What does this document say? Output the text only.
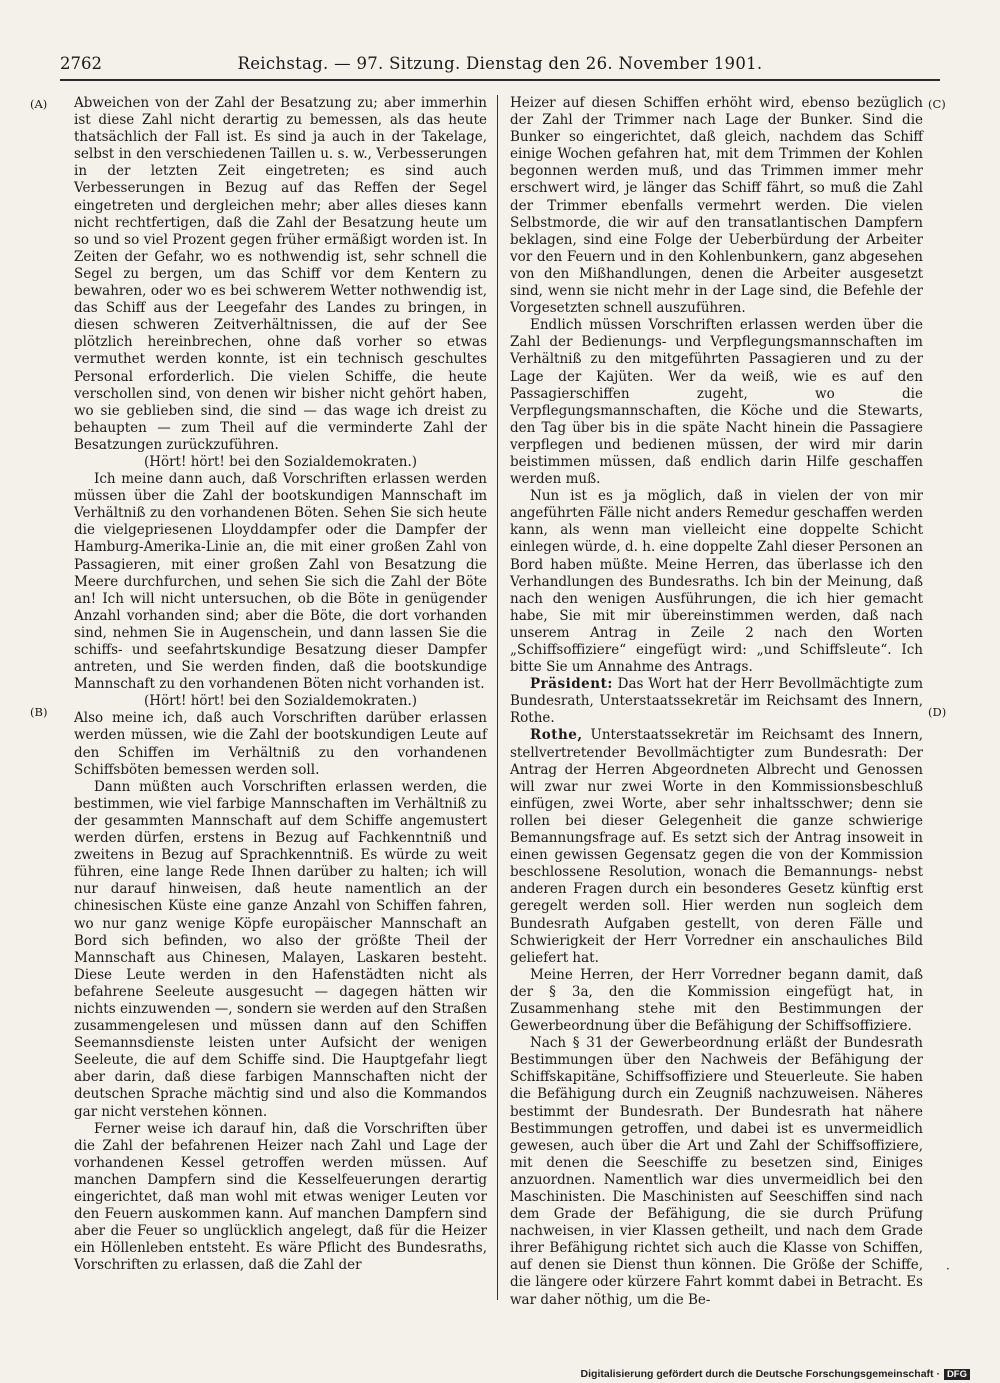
2762	Reichstag. — 97. Sitzung. Dienstag den 26. November 1901.
(A)
(B)
(C)
(D)

Abweichen von der Zahl der Besatzung zu; aber immerhin ist diese Zahl nicht derartig zu bemessen, als das heute thatsächlich der Fall ist. Es sind ja auch in der Takelage, selbst in den verschiedenen Taillen u. s. w., Verbesserungen in der letzten Zeit eingetreten; es sind auch Verbesserungen in Bezug auf das Reffen der Segel eingetreten und dergleichen mehr; aber alles dieses kann nicht rechtfertigen, daß die Zahl der Besatzung heute um so und so viel Prozent gegen früher ermäßigt worden ist. In Zeiten der Gefahr, wo es nothwendig ist, sehr schnell die Segel zu bergen, um das Schiff vor dem Kentern zu bewahren, oder wo es bei schwerem Wetter nothwendig ist, das Schiff aus der Leegefahr des Landes zu bringen, in diesen schweren Zeitverhältnissen, die auf der See plötzlich hereinbrechen, ohne daß vorher so etwas vermuthet werden konnte, ist ein technisch geschultes Personal erforderlich. Die vielen Schiffe, die heute verschollen sind, von denen wir bisher nicht gehört haben, wo sie geblieben sind, die sind — das wage ich dreist zu behaupten — zum Theil auf die verminderte Zahl der Besatzungen zurückzuführen.

(Hört! hört! bei den Sozialdemokraten.)

Ich meine dann auch, daß Vorschriften erlassen werden müssen über die Zahl der bootskundigen Mannschaft im Verhältniß zu den vorhandenen Böten. Sehen Sie sich heute die vielgepriesenen Lloyddampfer oder die Dampfer der Hamburg-Amerika-Linie an, die mit einer großen Zahl von Passagieren, mit einer großen Zahl von Besatzung die Meere durchfurchen, und sehen Sie sich die Zahl der Böte an! Ich will nicht untersuchen, ob die Böte in genügender Anzahl vorhanden sind; aber die Böte, die dort vorhanden sind, nehmen Sie in Augenschein, und dann lassen Sie die schiffs- und seefahrtskundige Besatzung dieser Dampfer antreten, und Sie werden finden, daß die bootskundige Mannschaft zu den vorhandenen Böten nicht vorhanden ist.

(Hört! hört! bei den Sozialdemokraten.)

Also meine ich, daß auch Vorschriften darüber erlassen werden müssen, wie die Zahl der bootskundigen Leute auf den Schiffen im Verhältniß zu den vorhandenen Schiffsböten bemessen werden soll.

Dann müßten auch Vorschriften erlassen werden, die bestimmen, wie viel farbige Mannschaften im Verhältniß zu der gesammten Mannschaft auf dem Schiffe angemustert werden dürfen, erstens in Bezug auf Fachkenntniß und zweitens in Bezug auf Sprachkenntniß. Es würde zu weit führen, eine lange Rede Ihnen darüber zu halten; ich will nur darauf hinweisen, daß heute namentlich an der chinesischen Küste eine ganze Anzahl von Schiffen fahren, wo nur ganz wenige Köpfe europäischer Mannschaft an Bord sich befinden, wo also der größte Theil der Mannschaft aus Chinesen, Malayen, Laskaren besteht. Diese Leute werden in den Hafenstädten nicht als befahrene Seeleute ausgesucht — dagegen hätten wir nichts einzuwenden —, sondern sie werden auf den Straßen zusammengelesen und müssen dann auf den Schiffen Seemannsdienste leisten unter Aufsicht der wenigen Seeleute, die auf dem Schiffe sind. Die Hauptgefahr liegt aber darin, daß diese farbigen Mannschaften nicht der deutschen Sprache mächtig sind und also die Kommandos gar nicht verstehen können.

Ferner weise ich darauf hin, daß die Vorschriften über die Zahl der befahrenen Heizer nach Zahl und Lage der vorhandenen Kessel getroffen werden müssen. Auf manchen Dampfern sind die Kesselfeuerungen derartig eingerichtet, daß man wohl mit etwas weniger Leuten vor den Feuern auskommen kann. Auf manchen Dampfern sind aber die Feuer so unglücklich angelegt, daß für die Heizer ein Höllenleben entsteht. Es wäre Pflicht des Bundesraths, Vorschriften zu erlassen, daß die Zahl der

Heizer auf diesen Schiffen erhöht wird, ebenso bezüglich der Zahl der Trimmer nach Lage der Bunker. Sind die Bunker so eingerichtet, daß gleich, nachdem das Schiff einige Wochen gefahren hat, mit dem Trimmen der Kohlen begonnen werden muß, und das Trimmen immer mehr erschwert wird, je länger das Schiff fährt, so muß die Zahl der Trimmer ebenfalls vermehrt werden. Die vielen Selbstmorde, die wir auf den transatlantischen Dampfern beklagen, sind eine Folge der Ueberbürdung der Arbeiter vor den Feuern und in den Kohlenbunkern, ganz abgesehen von den Mißhandlungen, denen die Arbeiter ausgesetzt sind, wenn sie nicht mehr in der Lage sind, die Befehle der Vorgesetzten schnell auszuführen.

Endlich müssen Vorschriften erlassen werden über die Zahl der Bedienungs- und Verpflegungsmannschaften im Verhältniß zu den mitgeführten Passagieren und zu der Lage der Kajüten. Wer da weiß, wie es auf den Passagierschiffen zugeht, wo die Verpflegungsmannschaften, die Köche und die Stewarts, den Tag über bis in die späte Nacht hinein die Passagiere verpflegen und bedienen müssen, der wird mir darin beistimmen müssen, daß endlich darin Hilfe geschaffen werden muß.

Nun ist es ja möglich, daß in vielen der von mir angeführten Fälle nicht anders Remedur geschaffen werden kann, als wenn man vielleicht eine doppelte Schicht einlegen würde, d. h. eine doppelte Zahl dieser Personen an Bord haben müßte. Meine Herren, das überlasse ich den Verhandlungen des Bundesraths. Ich bin der Meinung, daß nach den wenigen Ausführungen, die ich hier gemacht habe, Sie mit mir übereinstimmen werden, daß nach unserem Antrag in Zeile 2 nach den Worten „Schiffsoffiziere“ eingefügt wird: „und Schiffsleute“. Ich bitte Sie um Annahme des Antrags.

Präsident: Das Wort hat der Herr Bevollmächtigte zum Bundesrath, Unterstaatssekretär im Reichsamt des Innern, Rothe.

Rothe, Unterstaatssekretär im Reichsamt des Innern, stellvertretender Bevollmächtigter zum Bundesrath: Der Antrag der Herren Abgeordneten Albrecht und Genossen will zwar nur zwei Worte in den Kommissionsbeschluß einfügen, zwei Worte, aber sehr inhaltsschwer; denn sie rollen bei dieser Gelegenheit die ganze schwierige Bemannungsfrage auf. Es setzt sich der Antrag insoweit in einen gewissen Gegensatz gegen die von der Kommission beschlossene Resolution, wonach die Bemannungs- nebst anderen Fragen durch ein besonderes Gesetz künftig erst geregelt werden soll. Hier werden nun sogleich dem Bundesrath Aufgaben gestellt, von deren Fälle und Schwierigkeit der Herr Vorredner ein anschauliches Bild geliefert hat.

Meine Herren, der Herr Vorredner begann damit, daß der § 3a, den die Kommission eingefügt hat, in Zusammenhang stehe mit den Bestimmungen der Gewerbeordnung über die Befähigung der Schiffsoffiziere.

Nach § 31 der Gewerbeordnung erläßt der Bundesrath Bestimmungen über den Nachweis der Befähigung der Schiffskapitäne, Schiffsoffiziere und Steuerleute. Sie haben die Befähigung durch ein Zeugniß nachzuweisen. Näheres bestimmt der Bundesrath. Der Bundesrath hat nähere Bestimmungen getroffen, und dabei ist es unvermeidlich gewesen, auch über die Art und Zahl der Schiffsoffiziere, mit denen die Seeschiffe zu besetzen sind, Einiges anzuordnen. Namentlich war dies unvermeidlich bei den Maschinisten. Die Maschinisten auf Seeschiffen sind nach dem Grade der Befähigung, die sie durch Prüfung nachweisen, in vier Klassen getheilt, und nach dem Grade ihrer Befähigung richtet sich auch die Klasse von Schiffen, auf denen sie Dienst thun können. Die Größe der Schiffe, die längere oder kürzere Fahrt kommt dabei in Betracht. Es war daher nöthig, um die Be-

·
Digitalisierung gefördert durch die Deutsche Forschungsgemeinschaft · DFG
